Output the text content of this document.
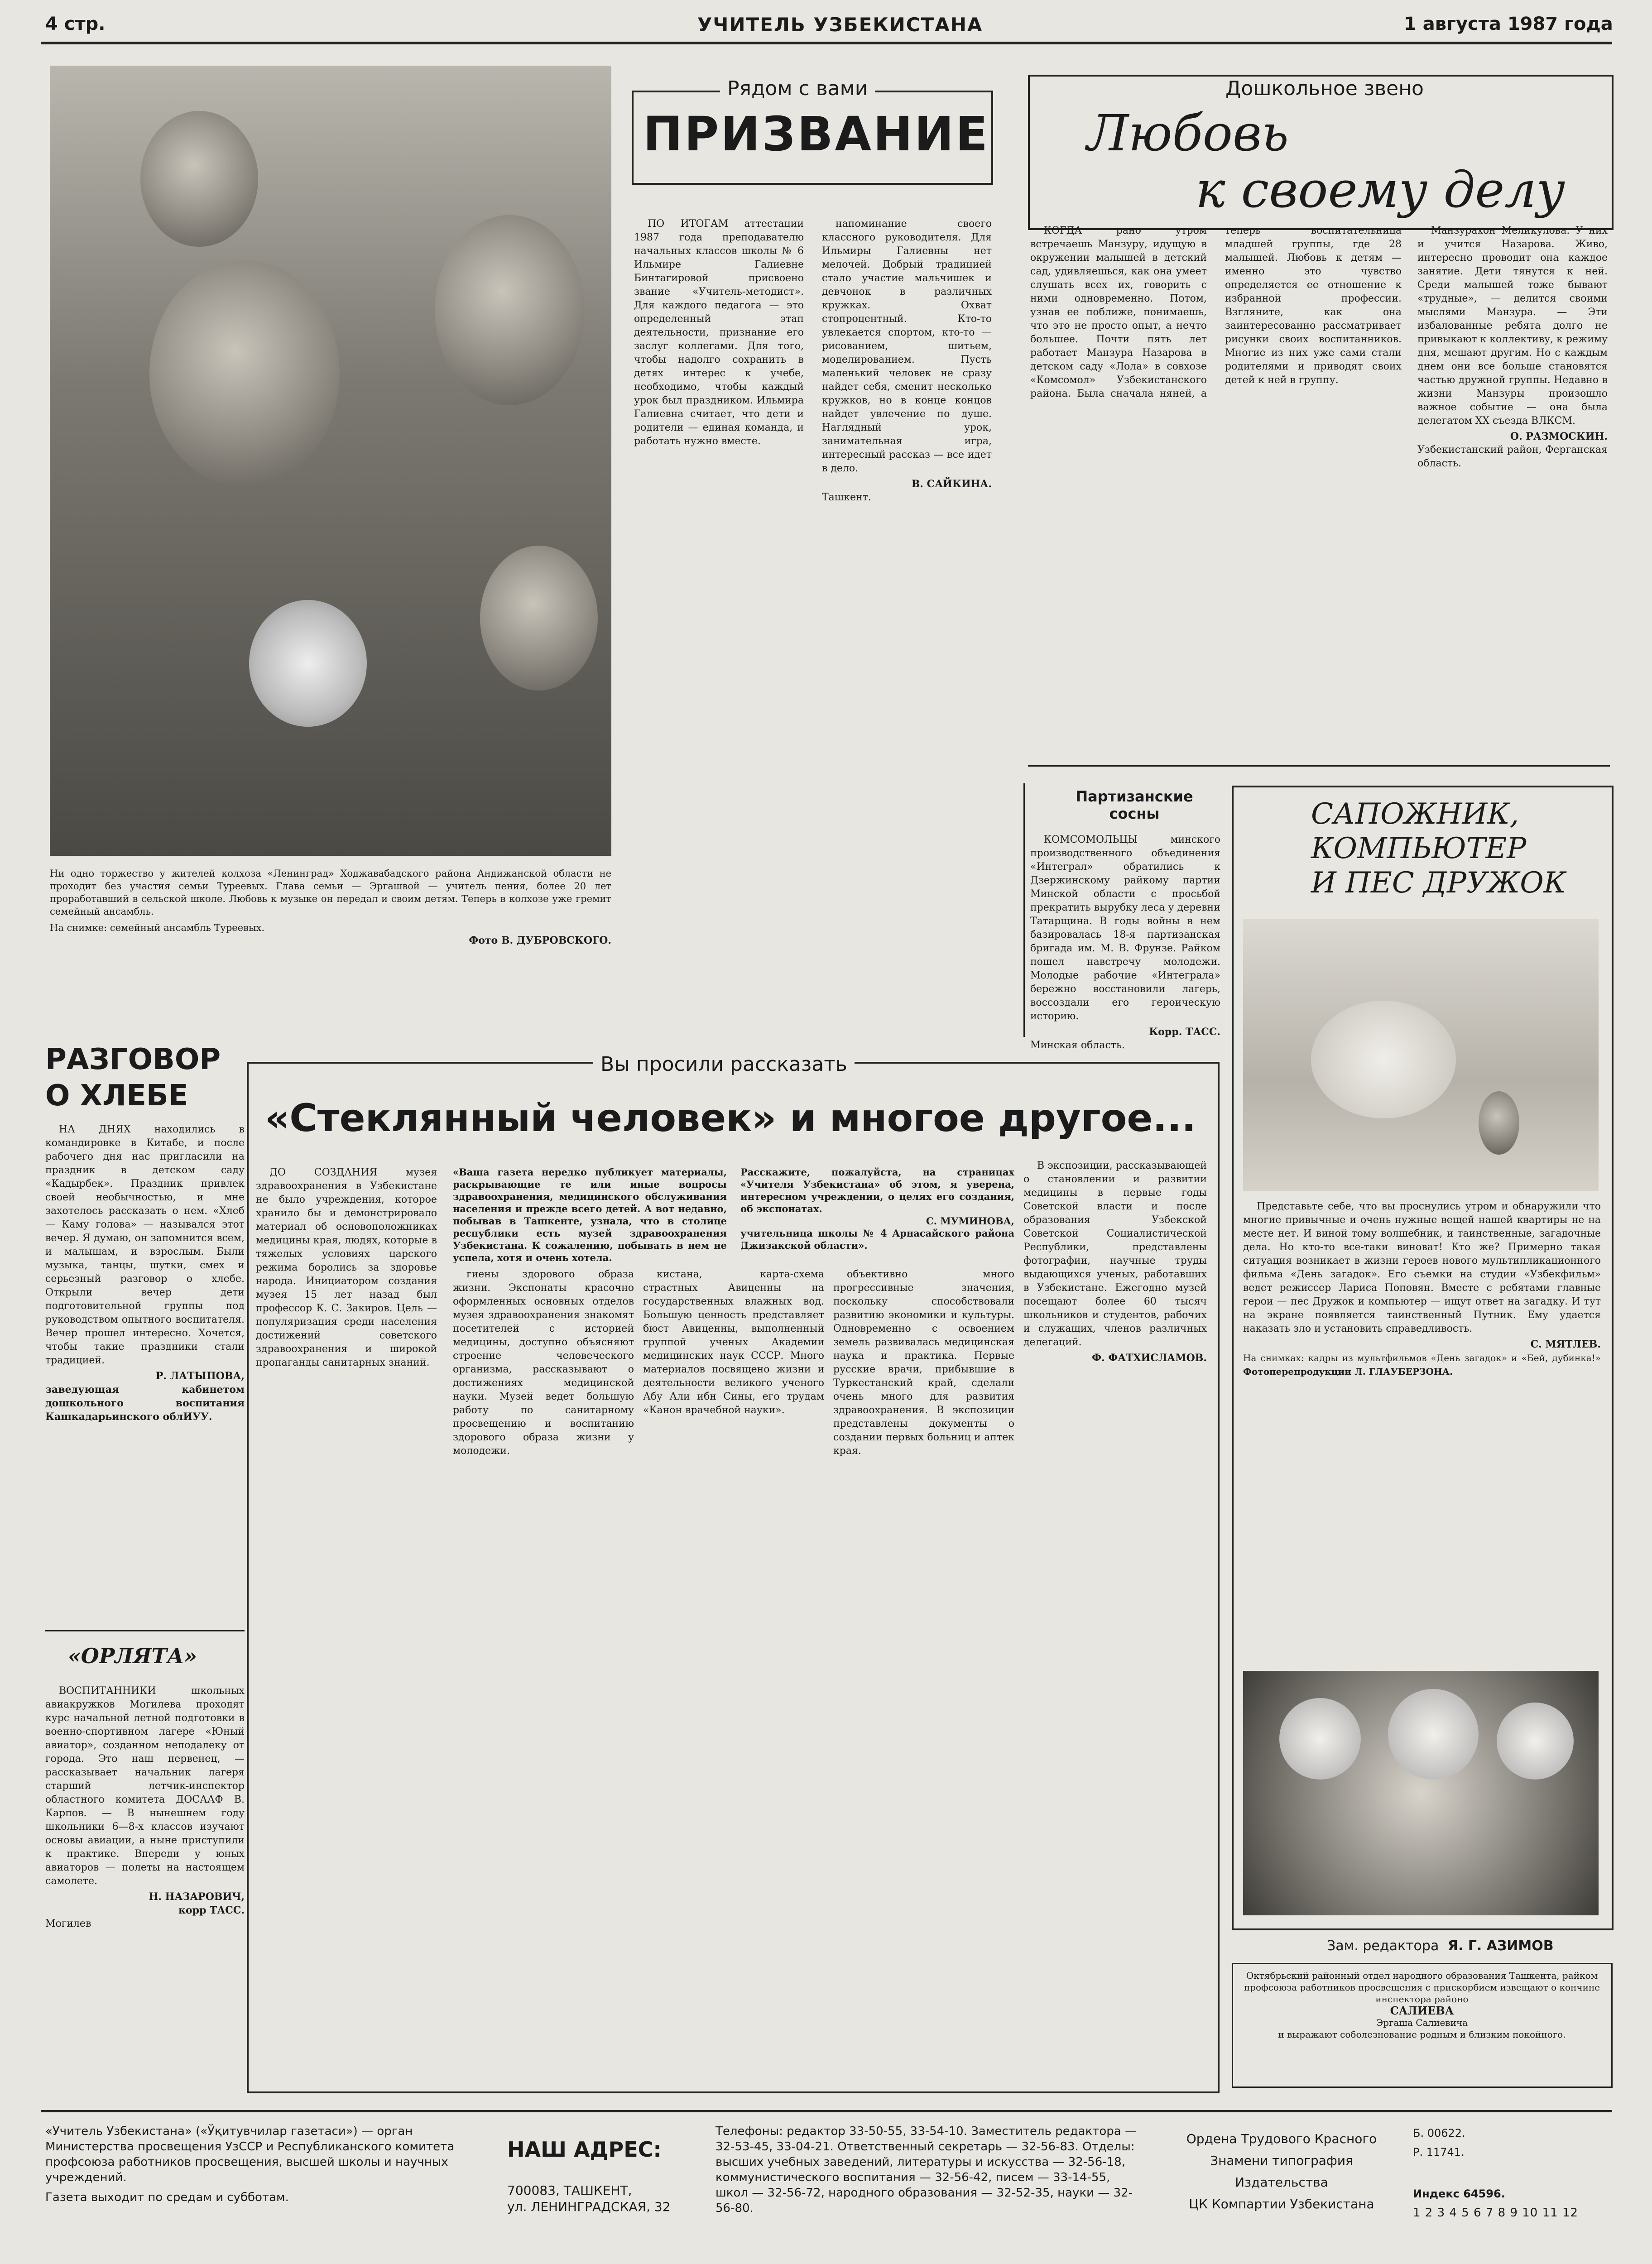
4 стр.	УЧИТЕЛЬ УЗБЕКИСТАНА	1 августа 1987 года
Ни одно торжество у жителей колхоза «Ленинград» Ходжавабадского района Андижанской области не проходит без участия семьи Туреевых. Глава семьи — Эргашвой — учитель пения, более 20 лет проработавший в сельской школе. Любовь к музыке он передал и своим детям. Теперь в колхозе уже гремит семейный ансамбль.
На снимке: семейный ансамбль Туреевых.
Фото В. ДУБРОВСКОГО.
Рядом с вами
ПРИЗВАНИЕ

ПО ИТОГАМ аттестации 1987 года преподавателю начальных классов школы № 6 Ильмире Галиевне Бинтагировой присвоено звание «Учитель-методист». Для каждого педагога — это определенный этап деятельности, признание его заслуг коллегами. Для того, чтобы надолго сохранить в детях интерес к учебе, необходимо, чтобы каждый урок был праздником. Ильмира Галиевна считает, что дети и родители — единая команда, и работать нужно вместе.

напоминание своего классного руководителя. Для Ильмиры Галиевны нет мелочей. Добрый традицией стало участие мальчишек и девчонок в различных кружках. Охват стопроцентный. Кто-то увлекается спортом, кто-то — рисованием, шитьем, моделированием. Пусть маленький человек не сразу найдет себя, сменит несколько кружков, но в конце концов найдет увлечение по душе. Наглядный урок, занимательная игра, интересный рассказ — все идет в дело.

В. САЙКИНА.
Ташкент.
Дошкольное звено
Любовь
к своему делу

КОГДА рано утром встречаешь Манзуру, идущую в окружении малышей в детский сад, удивляешься, как она умеет слушать всех их, говорить с ними одновременно. Потом, узнав ее поближе, понимаешь, что это не просто опыт, а нечто большее. Почти пять лет работает Манзура Назарова в детском саду «Лола» в совхозе «Комсомол» Узбекистанского района. Была сначала няней, а теперь воспитательница младшей группы, где 28 малышей. Любовь к детям — именно это чувство определяется ее отношение к избранной профессии. Взгляните, как она заинтересованно рассматривает рисунки своих воспитанников. Многие из них уже сами стали родителями и приводят своих детей к ней в группу.

Манзурахон Меликулова. У них и учится Назарова. Живо, интересно проводит она каждое занятие. Дети тянутся к ней. Среди малышей тоже бывают «трудные», — делится своими мыслями Манзура. — Эти избалованные ребята долго не привыкают к коллективу, к режиму дня, мешают другим. Но с каждым днем они все больше становятся частью дружной группы. Недавно в жизни Манзуры произошло важное событие — она была делегатом XX съезда ВЛКСМ.

О. РАЗМОСКИН.
Узбекистанский район, Ферганская область.
Партизанские
сосны

КОМСОМОЛЬЦЫ минского производственного объединения «Интеграл» обратились к Дзержинскому райкому партии Минской области с просьбой прекратить вырубку леса у деревни Татарщина. В годы войны в нем базировалась 18-я партизанская бригада им. М. В. Фрунзе. Райком пошел навстречу молодежи. Молодые рабочие «Интеграла» бережно восстановили лагерь, воссоздали его героическую историю.

Корр. ТАСС.
Минская область.
САПОЖНИК,
КОМПЬЮТЕР
И ПЕС ДРУЖОК

Представьте себе, что вы проснулись утром и обнаружили что многие привычные и очень нужные вещей нашей квартиры не на месте нет. И виной тому волшебник, и таинственные, загадочные дела. Но кто-то все-таки виноват! Кто же? Примерно такая ситуация возникает в жизни героев нового мультипликационного фильма «День загадок». Его съемки на студии «Узбекфильм» ведет режиссер Лариса Поповян. Вместе с ребятами главные герои — пес Дружок и компьютер — ищут ответ на загадку. И тут на экране появляется таинственный Путник. Ему удается наказать зло и установить справедливость.

С. МЯТЛЕВ.
На снимках: кадры из мультфильмов «День загадок» и «Бей, дубинка!» Фотоперепродукции Л. ГЛАУБЕРЗОНА.
Зам. редактора Я. Г. АЗИМОВ
Октябрьский районный отдел народного образования Ташкента, райком профсоюза работников просвещения с прискорбием извещают о кончине инспектора районо
САЛИЕВА
Эргаша Салиевича
и выражают соболезнование родным и близким покойного.
РАЗГОВОР
О ХЛЕБЕ

НА ДНЯХ находились в командировке в Китабе, и после рабочего дня нас пригласили на праздник в детском саду «Кадырбек». Праздник привлек своей необычностью, и мне захотелось рассказать о нем. «Хлеб — Каму голова» — назывался этот вечер. Я думаю, он запомнится всем, и малышам, и взрослым. Были музыка, танцы, шутки, смех и серьезный разговор о хлебе. Открыли вечер дети подготовительной группы под руководством опытного воспитателя. Вечер прошел интересно. Хочется, чтобы такие праздники стали традицией.

Р. ЛАТЫПОВА,
заведующая кабинетом дошкольного воспитания Кашкадарьинского облИУУ.
«ОРЛЯТА»

ВОСПИТАННИКИ школьных авиакружков Могилева проходят курс начальной летной подготовки в военно-спортивном лагере «Юный авиатор», созданном неподалеку от города. Это наш первенец, — рассказывает начальник лагеря старший летчик-инспектор областного комитета ДОСААФ В. Карпов. — В нынешнем году школьники 6—8-х классов изучают основы авиации, а ныне приступили к практике. Впереди у юных авиаторов — полеты на настоящем самолете.

Н. НАЗАРОВИЧ,
корр ТАСС.
Могилев
Вы просили рассказать
«Стеклянный человек» и многое другое...
«Ваша газета нередко публикует материалы, раскрывающие те или иные вопросы здравоохранения, медицинского обслуживания населения и прежде всего детей. А вот недавно, побывав в Ташкенте, узнала, что в столице республики есть музей здравоохранения Узбекистана. К сожалению, побывать в нем не успела, хотя и очень хотела.
Расскажите, пожалуйста, на страницах «Учителя Узбекистана» об этом, я уверена, интересном учреждении, о целях его создания, об экспонатах.
С. МУМИНОВА,
учительница школы № 4 Арнасайского района Джизакской области».

ДО СОЗДАНИЯ музея здравоохранения в Узбекистане не было учреждения, которое хранило бы и демонстрировало материал об основоположниках медицины края, людях, которые в тяжелых условиях царского режима боролись за здоровье народа. Инициатором создания музея 15 лет назад был профессор К. С. Закиров. Цель — популяризация среди населения достижений советского здравоохранения и широкой пропаганды санитарных знаний.

гиены здорового образа жизни. Экспонаты красочно оформленных основных отделов музея здравоохранения знакомят посетителей с историей медицины, доступно объясняют строение человеческого организма, рассказывают о достижениях медицинской науки. Музей ведет большую работу по санитарному просвещению и воспитанию здорового образа жизни у молодежи.

кистана, карта-схема страстных Авиценны на государственных влажных вод. Большую ценность представляет бюст Авиценны, выполненный группой ученых Академии медицинских наук СССР. Много материалов посвящено жизни и деятельности великого ученого Абу Али ибн Сины, его трудам «Канон врачебной науки».

объективно много прогрессивные значения, поскольку способствовали развитию экономики и культуры. Одновременно с освоением земель развивалась медицинская наука и практика. Первые русские врачи, прибывшие в Туркестанский край, сделали очень много для развития здравоохранения. В экспозиции представлены документы о создании первых больниц и аптек края.

В экспозиции, рассказывающей о становлении и развитии медицины в первые годы Советской власти и после образования Узбекской Советской Социалистической Республики, представлены фотографии, научные труды выдающихся ученых, работавших в Узбекистане. Ежегодно музей посещают более 60 тысяч школьников и студентов, рабочих и служащих, членов различных делегаций.

Ф. ФАТХИСЛАМОВ.
«Учитель Узбекистана» («Ўқитувчилар газетаси») — орган Министерства просвещения УзССР и Республиканского комитета профсоюза работников просвещения, высшей школы и научных учреждений.
Газета выходит по средам и субботам.
НАШ АДРЕС:
700083, ТАШКЕНТ,
ул. ЛЕНИНГРАДСКАЯ, 32
Телефоны: редактор 33-50-55, 33-54-10. Заместитель редактора — 32-53-45, 33-04-21. Ответственный секретарь — 32-56-83. Отделы: высших учебных заведений, литературы и искусства — 32-56-18, коммунистического воспитания — 32-56-42, писем — 33-14-55, школ — 32-56-72, народного образования — 32-52-35, науки — 32-56-80.
Ордена Трудового Красного
Знамени типография Издательства
ЦК Компартии Узбекистана
Б. 00622.
Р. 11741.
Индекс 64596.
1 2 3 4 5 6 7 8 9 10 11 12
